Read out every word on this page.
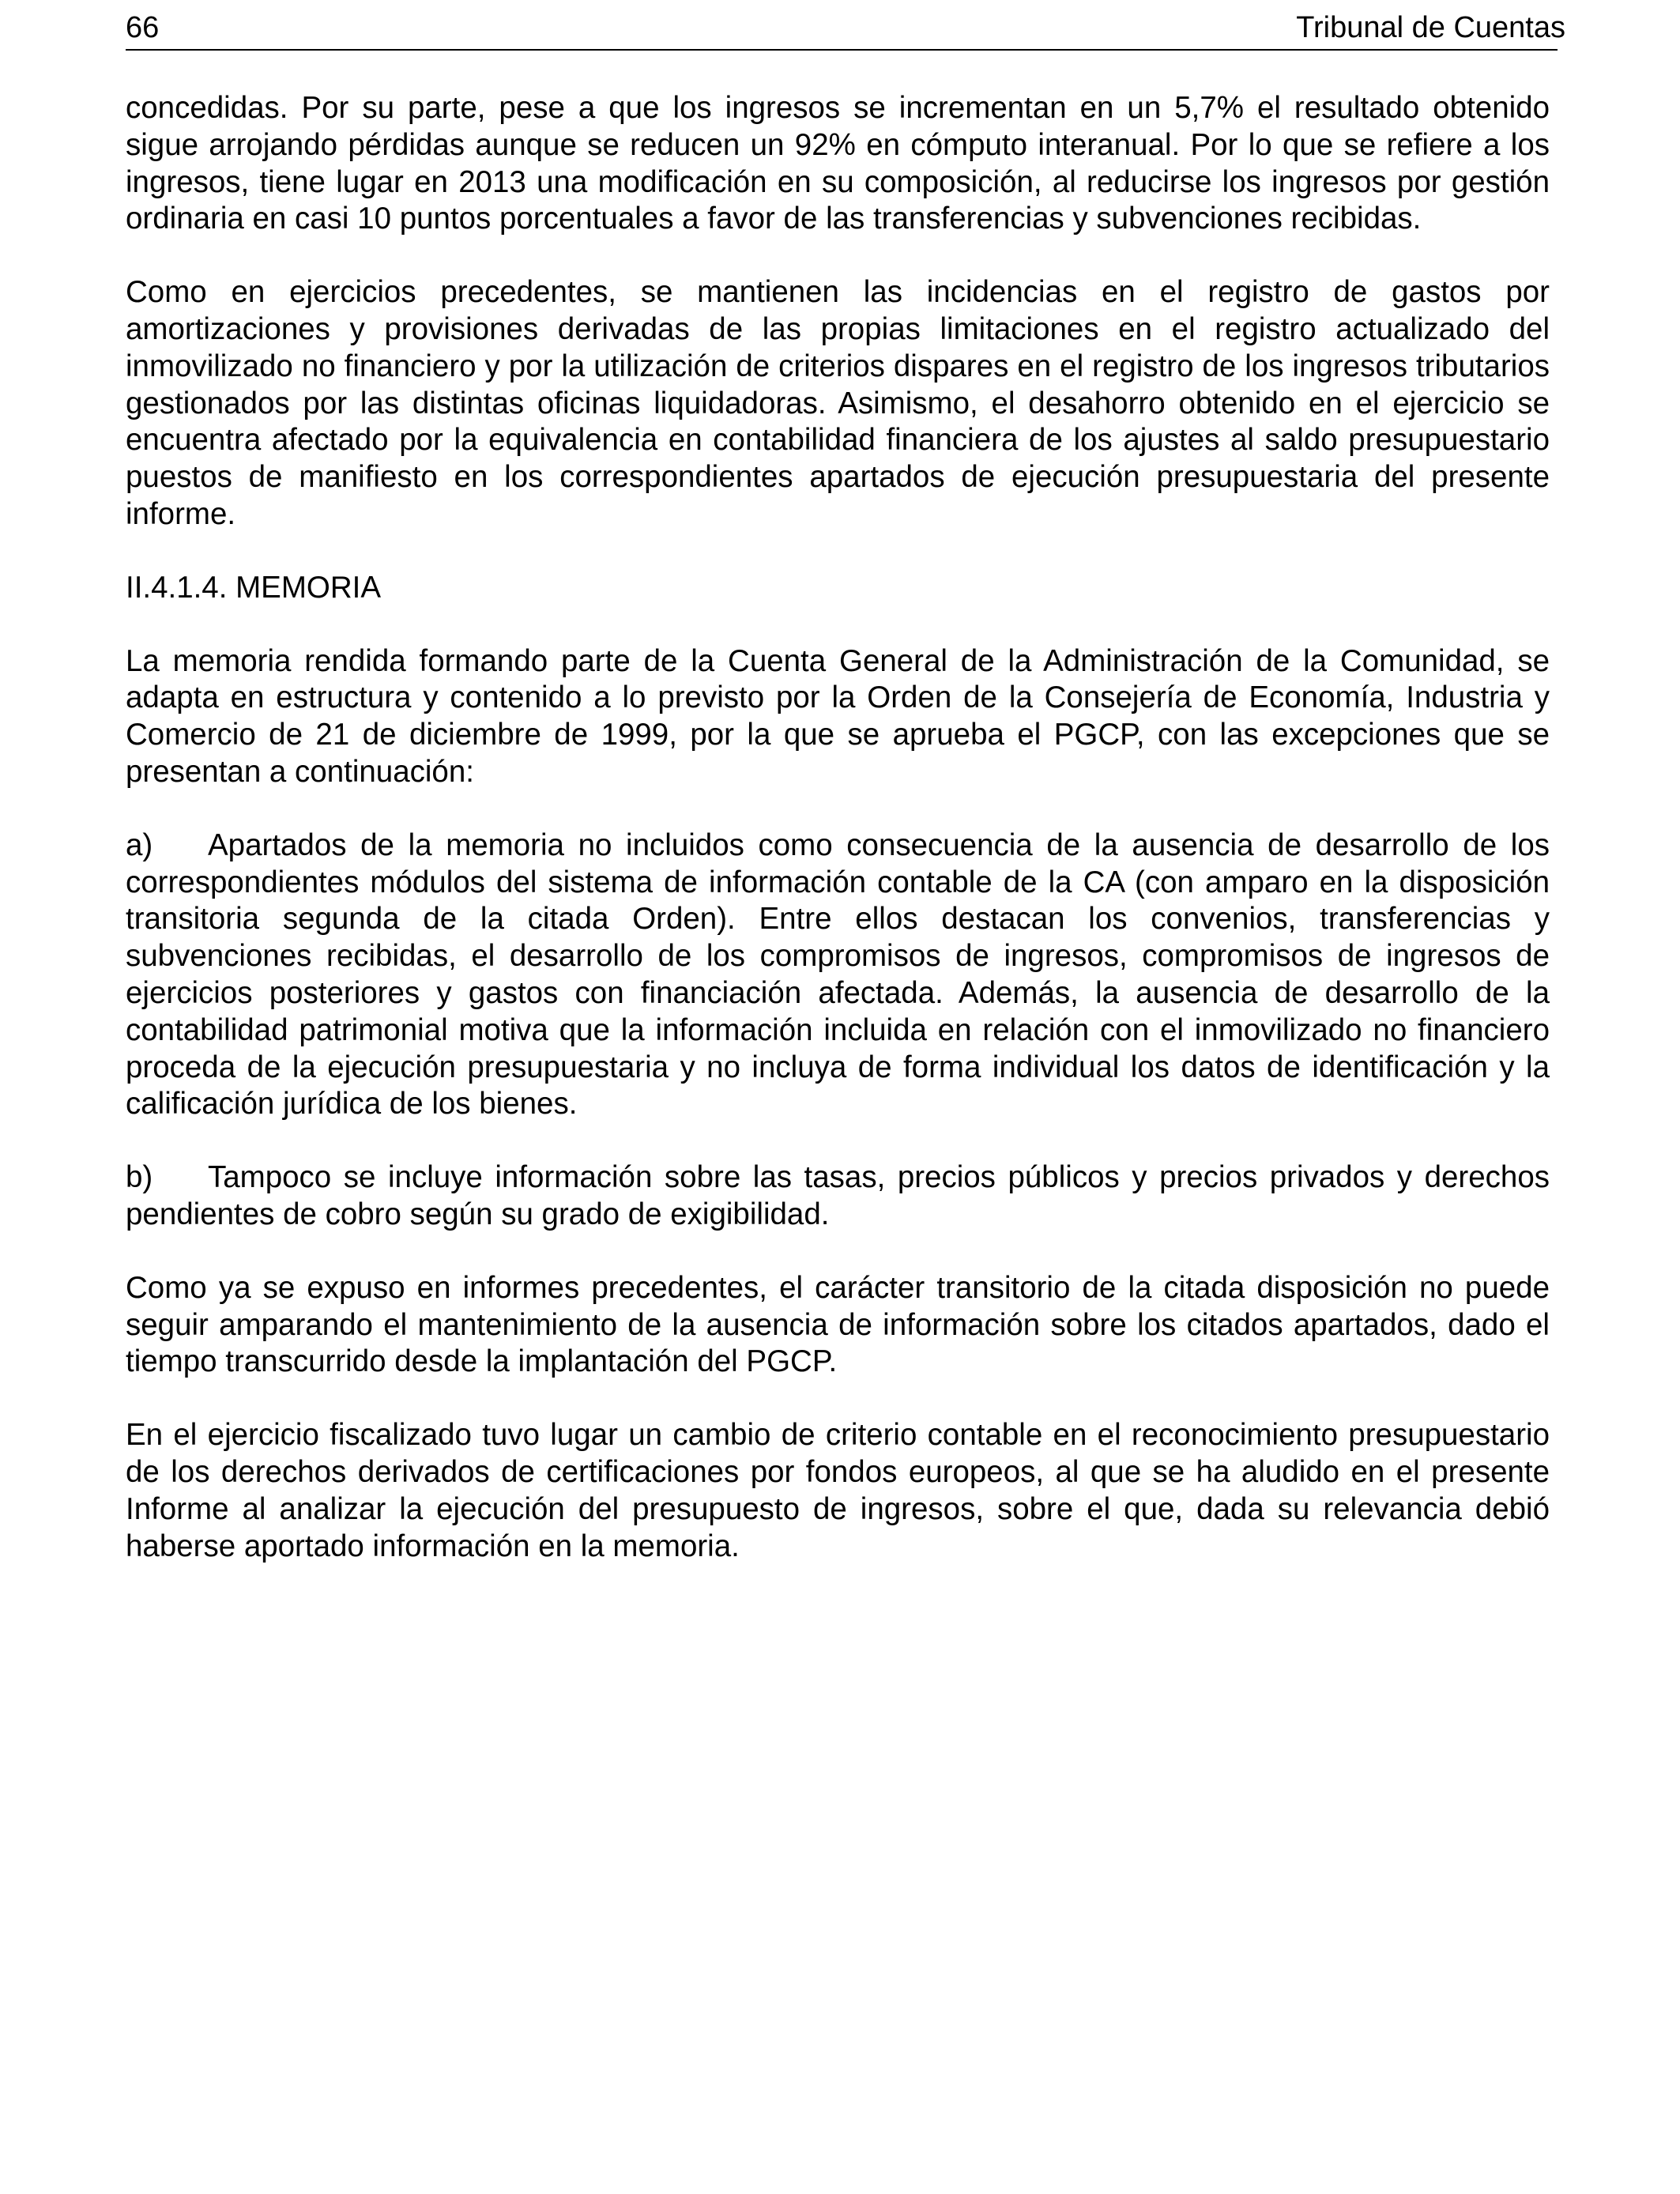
66	Tribunal de Cuentas

concedidas. Por su parte, pese a que los ingresos se incrementan en un 5,7% el resultado obtenido sigue arrojando pérdidas aunque se reducen un 92% en cómputo interanual. Por lo que se refiere a los ingresos, tiene lugar en 2013 una modificación en su composición, al reducirse los ingresos por gestión ordinaria en casi 10 puntos porcentuales a favor de las transferencias y subvenciones recibidas.

Como en ejercicios precedentes, se mantienen las incidencias en el registro de gastos por amortizaciones y provisiones derivadas de las propias limitaciones en el registro actualizado del inmovilizado no financiero y por la utilización de criterios dispares en el registro de los ingresos tributarios gestionados por las distintas oficinas liquidadoras. Asimismo, el desahorro obtenido en el ejercicio se encuentra afectado por la equivalencia en contabilidad financiera de los ajustes al saldo presupuestario puestos de manifiesto en los correspondientes apartados de ejecución presupuestaria del presente informe.

II.4.1.4. MEMORIA

La memoria rendida formando parte de la Cuenta General de la Administración de la Comunidad, se adapta en estructura y contenido a lo previsto por la Orden de la Consejería de Economía, Industria y Comercio de 21 de diciembre de 1999, por la que se aprueba el PGCP, con las excepciones que se presentan a continuación:

a) Apartados de la memoria no incluidos como consecuencia de la ausencia de desarrollo de los correspondientes módulos del sistema de información contable de la CA (con amparo en la disposición transitoria segunda de la citada Orden). Entre ellos destacan los convenios, transferencias y subvenciones recibidas, el desarrollo de los compromisos de ingresos, compromisos de ingresos de ejercicios posteriores y gastos con financiación afectada. Además, la ausencia de desarrollo de la contabilidad patrimonial motiva que la información incluida en relación con el inmovilizado no financiero proceda de la ejecución presupuestaria y no incluya de forma individual los datos de identificación y la calificación jurídica de los bienes.

b) Tampoco se incluye información sobre las tasas, precios públicos y precios privados y derechos pendientes de cobro según su grado de exigibilidad.

Como ya se expuso en informes precedentes, el carácter transitorio de la citada disposición no puede seguir amparando el mantenimiento de la ausencia de información sobre los citados apartados, dado el tiempo transcurrido desde la implantación del PGCP.

En el ejercicio fiscalizado tuvo lugar un cambio de criterio contable en el reconocimiento presupuestario de los derechos derivados de certificaciones por fondos europeos, al que se ha aludido en el presente Informe al analizar la ejecución del presupuesto de ingresos, sobre el que, dada su relevancia debió haberse aportado información en la memoria.
